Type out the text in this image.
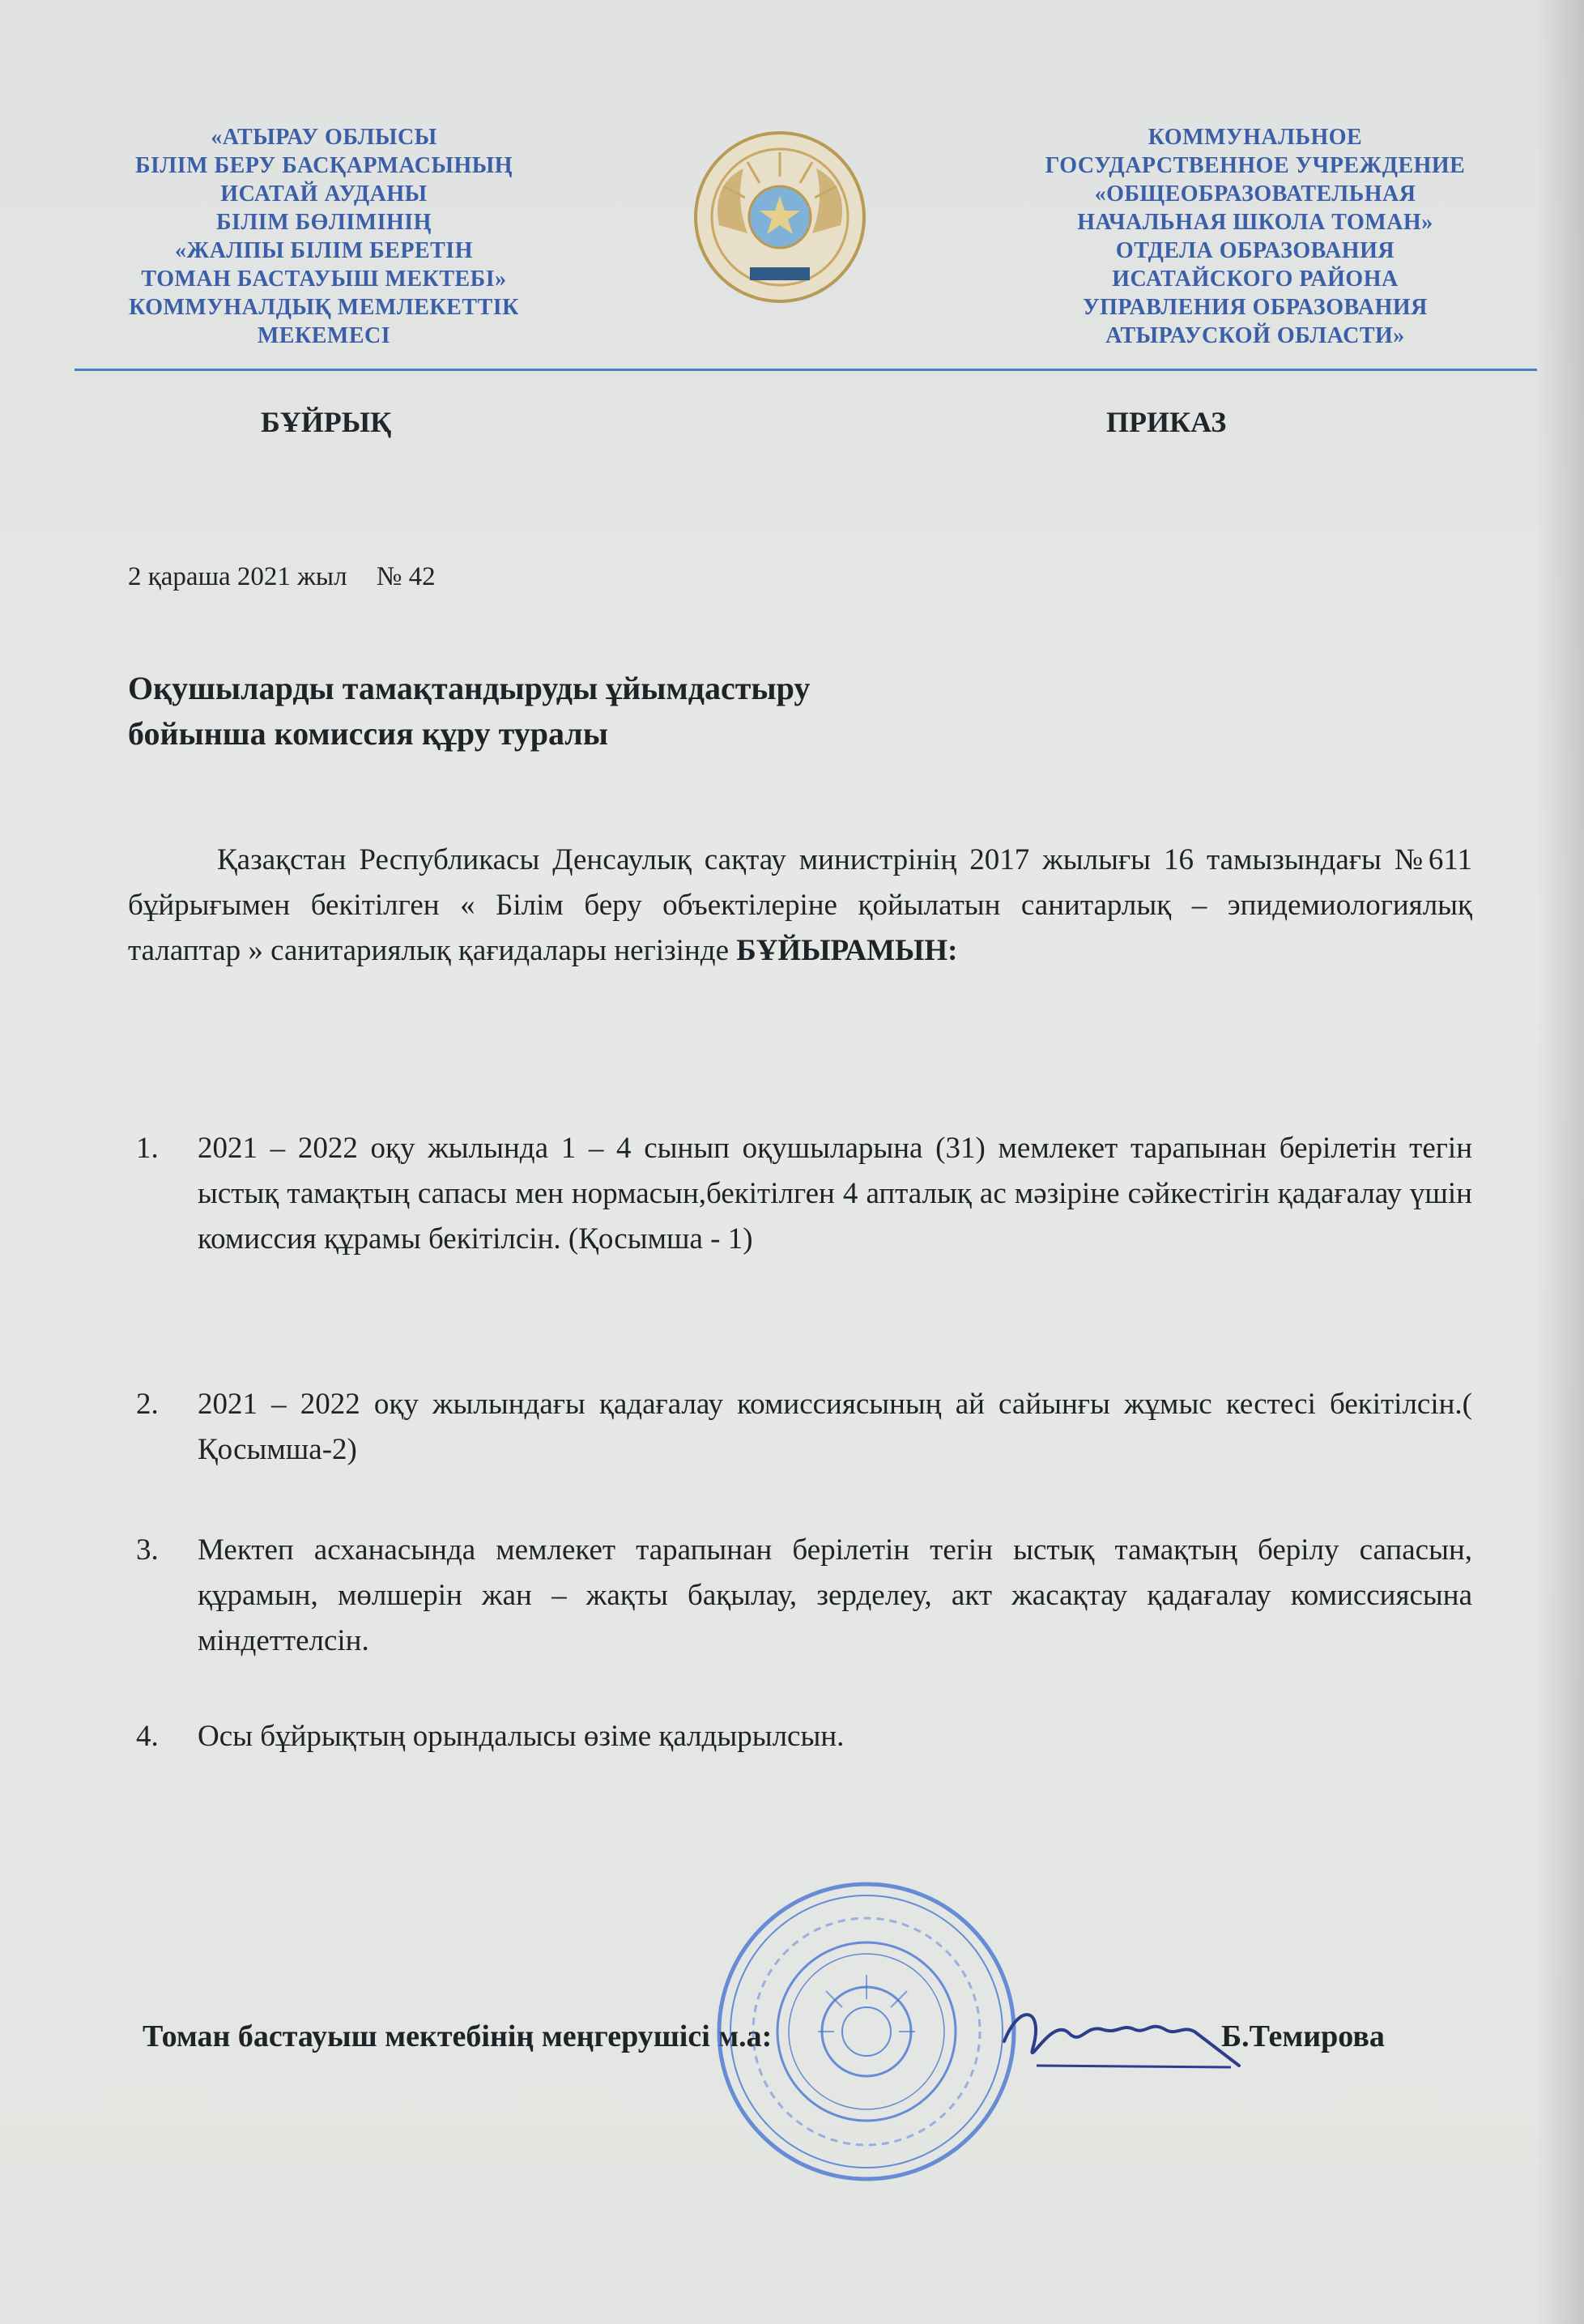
«АТЫРАУ ОБЛЫСЫ
БІЛІМ БЕРУ БАСҚАРМАСЫНЫҢ
ИСАТАЙ АУДАНЫ
БІЛІМ БӨЛІМІНІҢ
«ЖАЛПЫ БІЛІМ БЕРЕТІН
ТОМАН БАСТАУЫШ МЕКТЕБІ»
КОММУНАЛДЫҚ МЕМЛЕКЕТТІК
МЕКЕМЕСІ
КОММУНАЛЬНОЕ
ГОСУДАРСТВЕННОЕ УЧРЕЖДЕНИЕ
«ОБЩЕОБРАЗОВАТЕЛЬНАЯ
НАЧАЛЬНАЯ ШКОЛА ТОМАН»
ОТДЕЛА ОБРАЗОВАНИЯ
ИСАТАЙСКОГО РАЙОНА
УПРАВЛЕНИЯ ОБРАЗОВАНИЯ
АТЫРАУСКОЙ ОБЛАСТИ»
БҰЙРЫҚ	ПРИКАЗ
2 қараша 2021 жыл № 42
Оқушыларды тамақтандыруды ұйымдастыру
бойынша комиссия құру туралы
Қазақстан Республикасы Денсаулық сақтау министрінің 2017 жылығы 16 тамызындағы №611 бұйрығымен бекітілген « Білім беру объектілеріне қойылатын санитарлық – эпидемиологиялық талаптар » санитариялық қағидалары негізінде БҰЙЫРАМЫН:
1. 2021 – 2022 оқу жылында 1 – 4 сынып оқушыларына (31) мемлекет тарапынан берілетін тегін ыстық тамақтың сапасы мен нормасын,бекітілген 4 апталық ас мәзіріне сәйкестігін қадағалау үшін комиссия құрамы бекітілсін. (Қосымша - 1)
2. 2021 – 2022 оқу жылындағы қадағалау комиссиясының ай сайынғы жұмыс кестесі бекітілсін.( Қосымша-2)
3. Мектеп асханасында мемлекет тарапынан берілетін тегін ыстық тамақтың берілу сапасын, құрамын, мөлшерін жан – жақты бақылау, зерделеу, акт жасақтау қадағалау комиссиясына міндеттелсін.
4. Осы бұйрықтың орындалысы өзіме қалдырылсын.
Томан бастауыш мектебінің меңгерушісі м.а:	Б.Темирова
